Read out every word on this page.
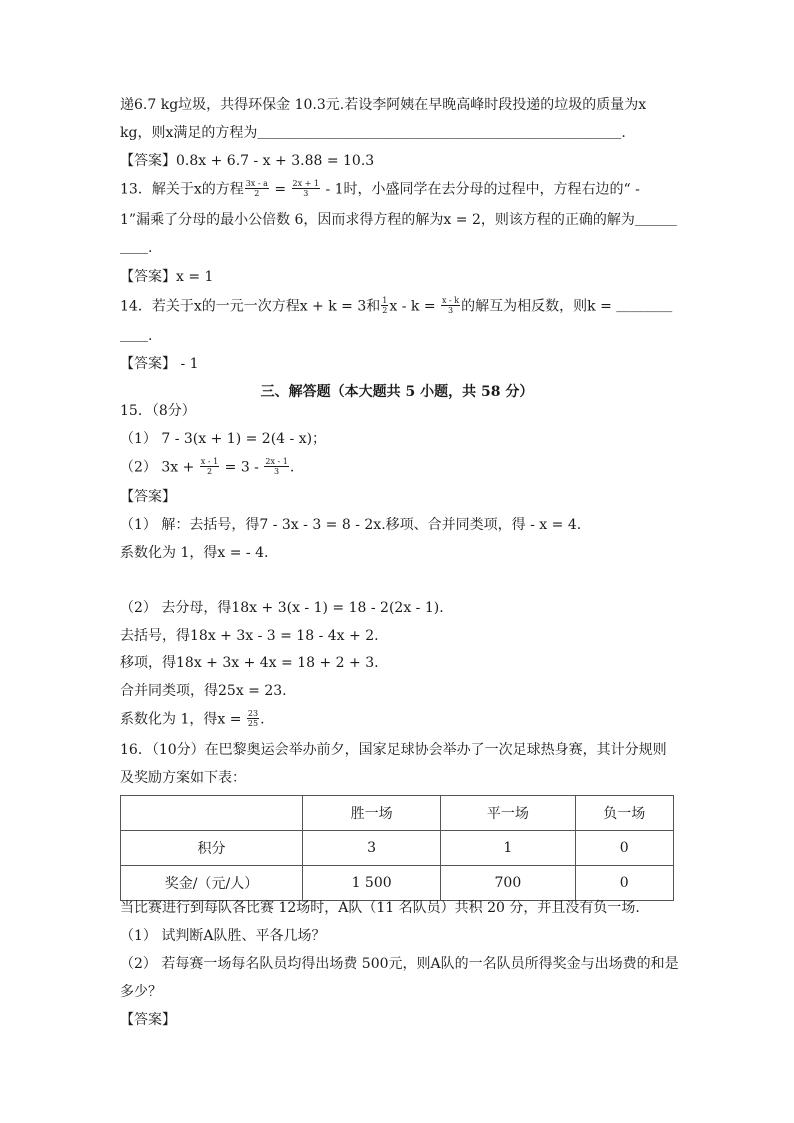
递6.7 kg垃圾，共得环保金 10.3元.若设李阿姨在早晚高峰时段投递的垃圾的质量为x
kg，则x满足的方程为＿＿＿＿＿＿＿＿＿＿＿＿＿＿＿＿＿＿＿＿＿＿＿＿＿＿.
【答案】0.8x + 6.7 - x + 3.88 = 10.3
13．解关于x的方程 $\frac{3x - a}{2} = \frac{2x + 1}{3} - 1$时，小盛同学在去分母的过程中，方程右边的“ -
1”漏乘了分母的最小公倍数 6，因而求得方程的解为x = 2，则该方程的正确的解为＿＿＿
＿＿.
【答案】x = 1
14．若关于x的一元一次方程x + k = 3和 $\frac{1}{2}$ $x - k = \frac{x - k}{3}$ 的解互为相反数，则k = ＿＿＿＿
＿＿.
【答案】 - 1
三、解答题（本大题共 5 小题，共 58 分）
15．（8分）
（1） 7 - 3(x + 1) = 2(4 - x)；
（2） $3x + \frac{x - 1}{2} = 3 - \frac{2x - 1}{3}$ .
【答案】
（1） 解：去括号，得7 - 3x - 3 = 8 - 2x.移项、合并同类项，得 - x = 4.
系数化为 1，得x = - 4.
（2） 去分母，得18x + 3(x - 1) = 18 - 2(2x - 1).
去括号，得18x + 3x - 3 = 18 - 4x + 2.
移项，得18x + 3x + 4x = 18 + 2 + 3.
合并同类项，得25x = 23.
系数化为 1，得$x = \frac{23}{25}$ .
16．（10分）在巴黎奥运会举办前夕，国家足球协会举办了一次足球热身赛，其计分规则
及奖励方案如下表：
	胜一场	平一场	负一场
积分	3	1	0
奖金/（元/人）	1 500	700	0
当比赛进行到每队各比赛 12场时，A队（11 名队员）共积 20 分，并且没有负一场.
（1） 试判断A队胜、平各几场？
（2） 若每赛一场每名队员均得出场费 500元，则A队的一名队员所得奖金与出场费的和是
多少？
【答案】
